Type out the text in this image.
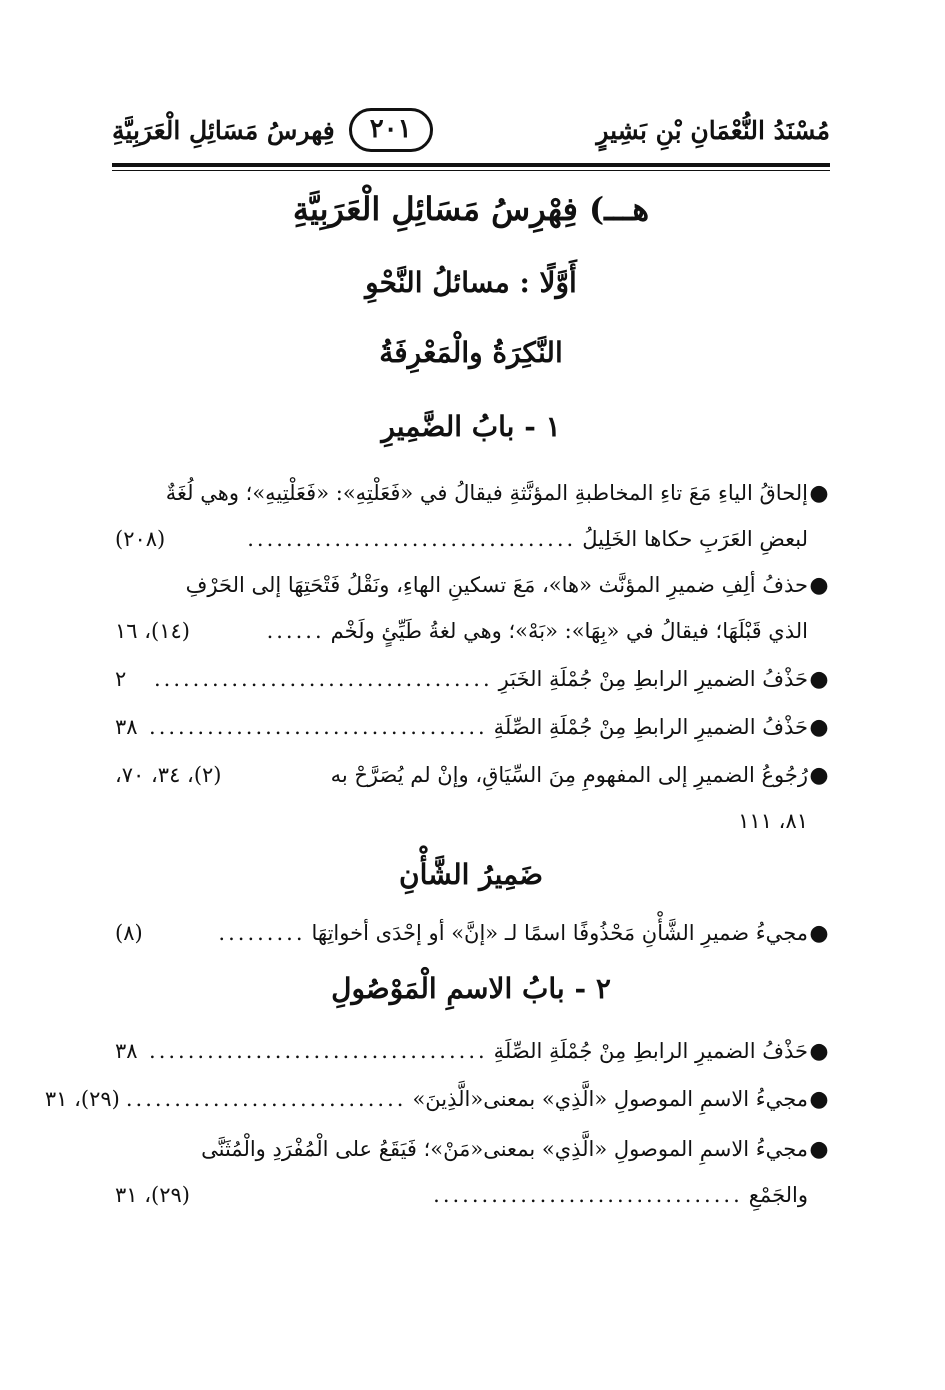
مُسْنَدُ النُّعْمَانِ بْنِ بَشِيرٍ
فِهرسُ مَسَائِلِ الْعَرَبِيَّةِ	٢٠١
هـــ) فِهْرِسُ مَسَائِلِ الْعَرَبِيَّةِ
أَوَّلًا : مسائلُ النَّحْوِ
النَّكِرَةُ والْمَعْرِفَةُ
١ - بابُ الضَّمِيرِ
●
إلحاقُ الياءِ مَعَ تاءِ المخاطبةِ المؤنَّثةِ فيقالُ في «فَعَلْتِهِ»: «فَعَلْتِيهِ»؛ وهي لُغَةٌ
لبعضِ العَرَبِ حكاها الخَلِيلُ
..................................
(٢٠٨)
●
حذفُ ألِفِ ضميرِ المؤنَّث «ها»، مَعَ تسكينِ الهاءِ، ونَقْلُ فَتْحَتِهَا إلى الحَرْفِ
الذي قَبْلَهَا؛ فيقالُ في «بِهَا»: «بَهْ»؛ وهي لغةُ طَيِّئٍ ولَخْم
......
(١٤)، ١٦
●
حَذْفُ الضميرِ الرابطِ مِنْ جُمْلَةِ الخَبَرِ
...................................
٢
●
حَذْفُ الضميرِ الرابطِ مِنْ جُمْلَةِ الصِّلَةِ
...................................
٣٨
●
رُجُوعُ الضميرِ إلى المفهومِ مِنَ السِّيَاقِ، وإنْ لم يُصَرَّحْ به
(٢)، ٣٤، ٧٠،
٨١، ١١١
ضَمِيرُ الشَّأْنِ
●
مجيءُ ضميرِ الشَّأْنِ مَحْذُوفًا اسمًا لـ «إنَّ» أو إحْدَى أخواتِهَا
.........
(٨)
٢ - بابُ الاسمِ الْمَوْصُولِ
●
حَذْفُ الضميرِ الرابطِ مِنْ جُمْلَةِ الصِّلَةِ
...................................
٣٨
●
مجيءُ الاسمِ الموصولِ «الَّذِي» بمعنى«الَّذِينَ»
.............................
(٢٩)، ٣١
●
مجيءُ الاسمِ الموصولِ «الَّذِي» بمعنى«مَنْ»؛ فَيَقَعُ على الْمُفْرَدِ والْمُثَنَّى
والجَمْعِ
................................
(٢٩)، ٣١
